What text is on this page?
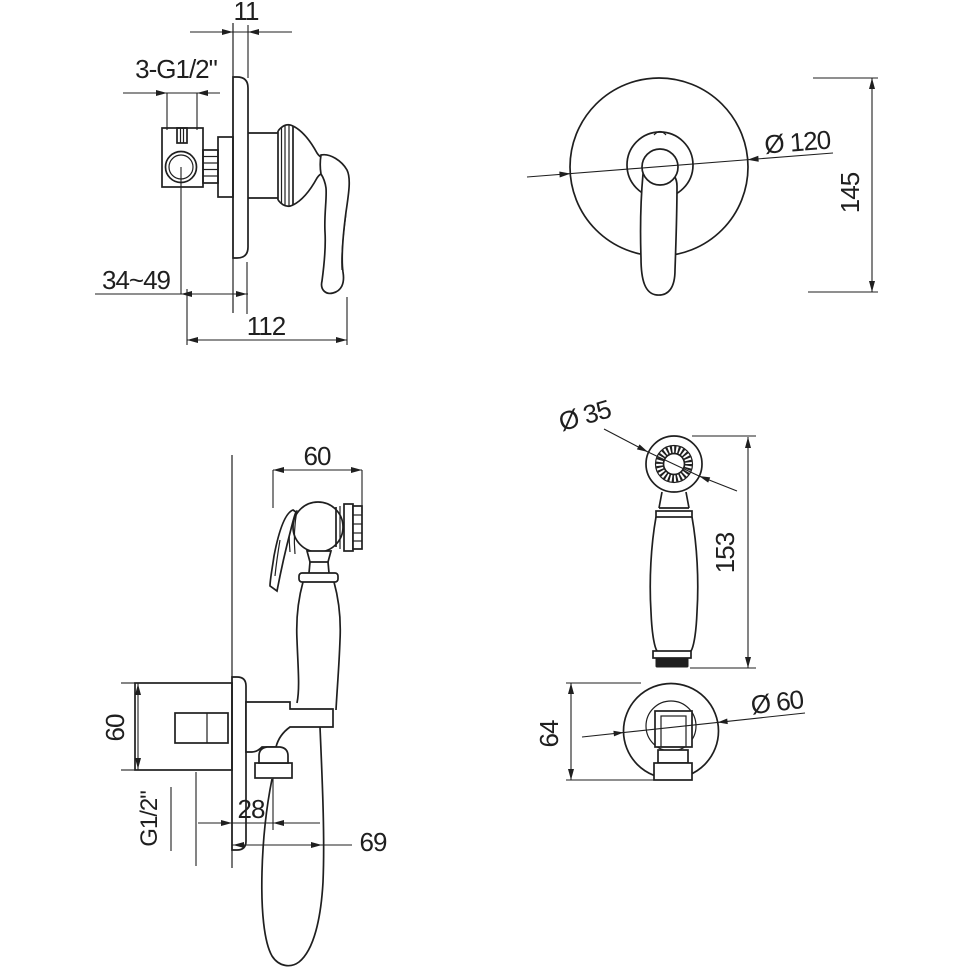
11
3-G1/2"
34~49
112
Ø 120
145
60
60
G1/2"	28
69
Ø 35
153
64
Ø 60
